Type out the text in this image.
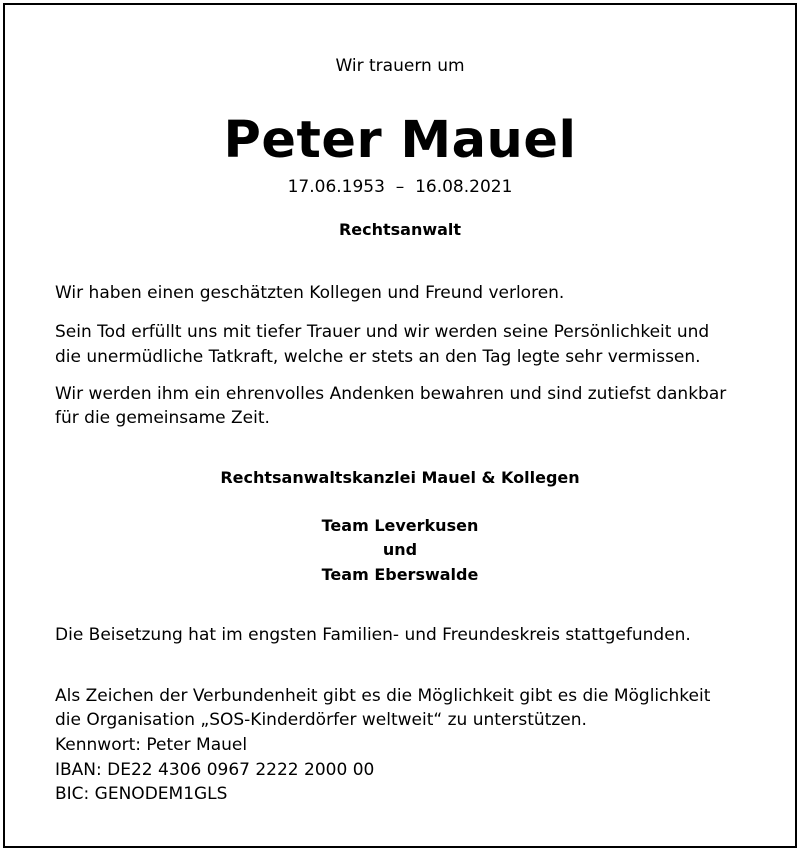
Wir trauern um
Peter Mauel
17.06.1953 – 16.08.2021
Rechtsanwalt
Wir haben einen geschätzten Kollegen und Freund verloren.
Sein Tod erfüllt uns mit tiefer Trauer und wir werden seine Persönlichkeit und
die unermüdliche Tatkraft, welche er stets an den Tag legte sehr vermissen.
Wir werden ihm ein ehrenvolles Andenken bewahren und sind zutiefst dankbar
für die gemeinsame Zeit.
Rechtsanwaltskanzlei Mauel & Kollegen
Team Leverkusen
und
Team Eberswalde
Die Beisetzung hat im engsten Familien- und Freundeskreis stattgefunden.
Als Zeichen der Verbundenheit gibt es die Möglichkeit gibt es die Möglichkeit
die Organisation „SOS-Kinderdörfer weltweit“ zu unterstützen.
Kennwort: Peter Mauel
IBAN: DE22 4306 0967 2222 2000 00
BIC: GENODEM1GLS
